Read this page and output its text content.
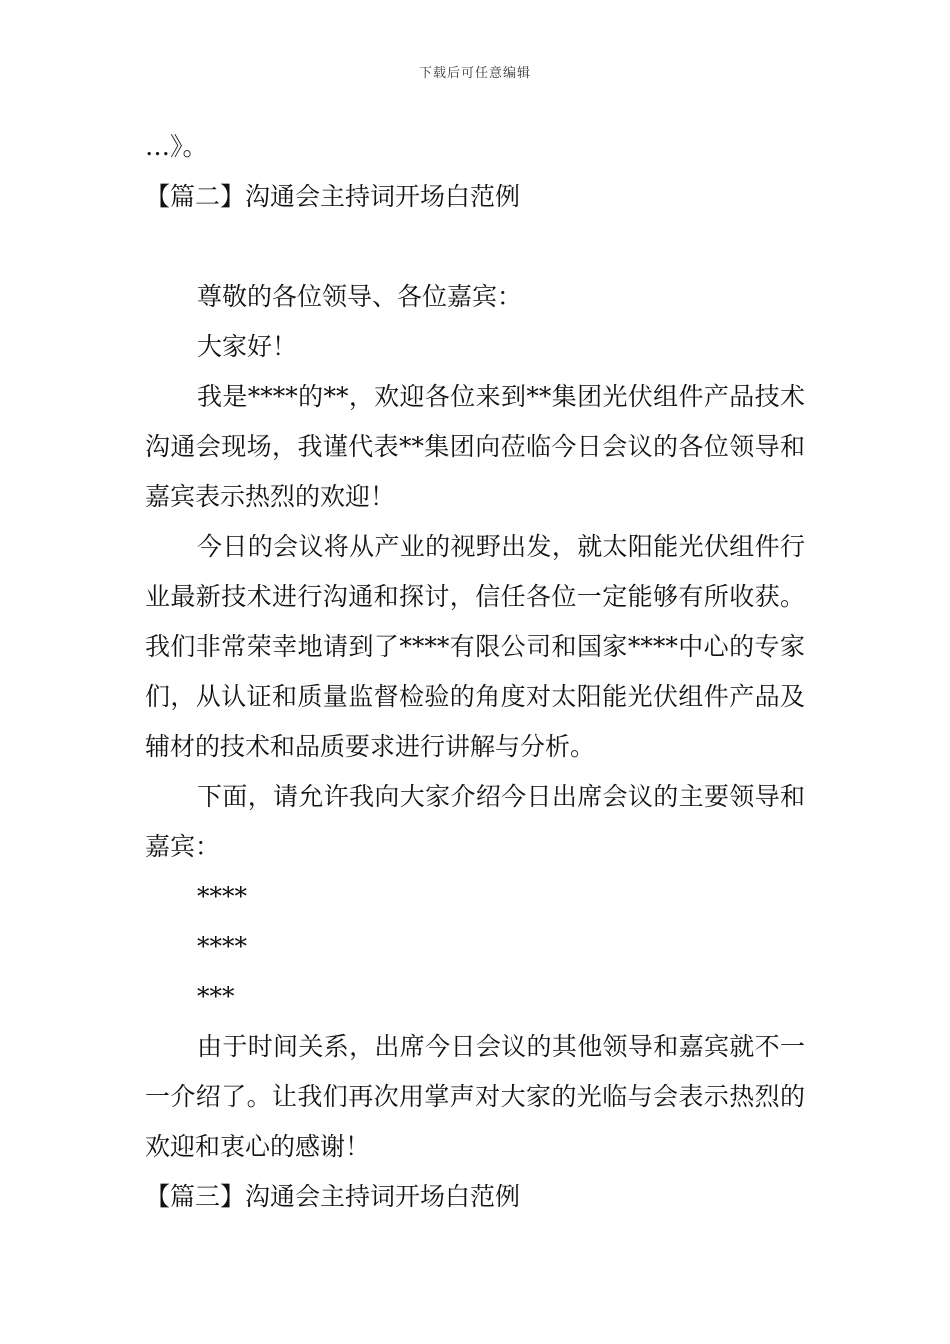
下载后可任意编辑

…》。

【篇二】沟通会主持词开场白范例

尊敬的各位领导、各位嘉宾：

大家好！

我是****的**，欢迎各位来到**集团光伏组件产品技术沟通会现场，我谨代表**集团向莅临今日会议的各位领导和嘉宾表示热烈的欢迎！

今日的会议将从产业的视野出发，就太阳能光伏组件行业最新技术进行沟通和探讨，信任各位一定能够有所收获。我们非常荣幸地请到了****有限公司和国家****中心的专家们，从认证和质量监督检验的角度对太阳能光伏组件产品及辅材的技术和品质要求进行讲解与分析。

下面，请允许我向大家介绍今日出席会议的主要领导和嘉宾：

****

****

***

由于时间关系，出席今日会议的其他领导和嘉宾就不一一介绍了。让我们再次用掌声对大家的光临与会表示热烈的欢迎和衷心的感谢！

【篇三】沟通会主持词开场白范例
